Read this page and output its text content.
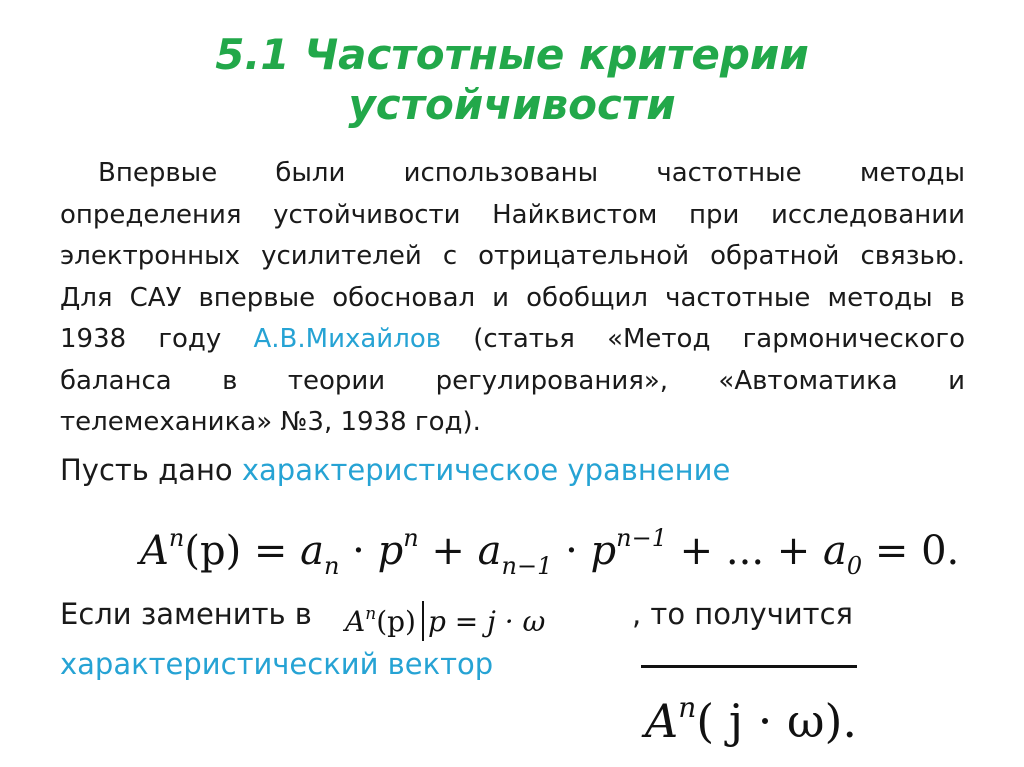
5.1 Частотные критерии
устойчивости
Впервые были использованы частотные методы
определения устойчивости Найквистом при исследовании
электронных усилителей с отрицательной обратной связью.
Для САУ впервые обосновал и обобщил частотные методы в
1938 году А.В.Михайлов (статья «Метод гармонического
баланса в теории регулирования», «Автоматика и
телемеханика» №3, 1938 год).
Пусть дано характеристическое уравнение
$A^n(p) = a_n \cdot p^n + a_{n-1} \cdot p^{n-1}$ + ... + $a_0 = 0$.
Если заменить в $A^n(p) p = j \cdot \omega$	, то получится
характеристический вектор
$A^n$( j · ω).
